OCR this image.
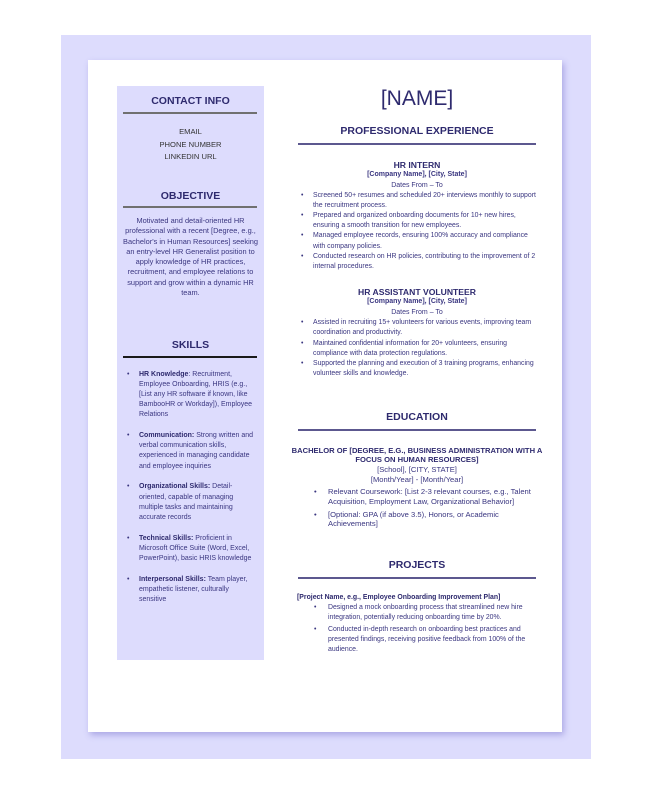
CONTACT INFO
EMAIL
PHONE NUMBER
LINKEDIN URL
OBJECTIVE
Motivated and detail-oriented HR professional with a recent [Degree, e.g., Bachelor's in Human Resources] seeking an entry-level HR Generalist position to apply knowledge of HR practices, recruitment, and employee relations to support and grow within a dynamic HR team.
SKILLS
• HR Knowledge: Recruitment, Employee Onboarding, HRIS (e.g., [List any HR software if known, like BambooHR or Workday]), Employee Relations
• Communication: Strong written and verbal communication skills, experienced in managing candidate and employee inquiries
• Organizational Skills: Detail-oriented, capable of managing multiple tasks and maintaining accurate records
• Technical Skills: Proficient in Microsoft Office Suite (Word, Excel, PowerPoint), basic HRIS knowledge
• Interpersonal Skills: Team player, empathetic listener, culturally sensitive
[NAME]
PROFESSIONAL EXPERIENCE
HR INTERN
[Company Name], [City, State]
Dates From – To
• Screened 50+ resumes and scheduled 20+ interviews monthly to support the recruitment process.
• Prepared and organized onboarding documents for 10+ new hires, ensuring a smooth transition for new employees.
• Managed employee records, ensuring 100% accuracy and compliance with company policies.
• Conducted research on HR policies, contributing to the improvement of 2 internal procedures.
HR ASSISTANT VOLUNTEER
[Company Name], [City, State]
Dates From – To
• Assisted in recruiting 15+ volunteers for various events, improving team coordination and productivity.
• Maintained confidential information for 20+ volunteers, ensuring compliance with data protection regulations.
• Supported the planning and execution of 3 training programs, enhancing volunteer skills and knowledge.
EDUCATION
BACHELOR OF [DEGREE, E.G., BUSINESS ADMINISTRATION WITH A FOCUS ON HUMAN RESOURCES]
[School], [CITY, STATE]
[Month/Year] - [Month/Year]
• Relevant Coursework: [List 2-3 relevant courses, e.g., Talent Acquisition, Employment Law, Organizational Behavior]
• [Optional: GPA (if above 3.5), Honors, or Academic Achievements]
PROJECTS
[Project Name, e.g., Employee Onboarding Improvement Plan]
• Designed a mock onboarding process that streamlined new hire integration, potentially reducing onboarding time by 20%.
• Conducted in-depth research on onboarding best practices and presented findings, receiving positive feedback from 100% of the audience.
